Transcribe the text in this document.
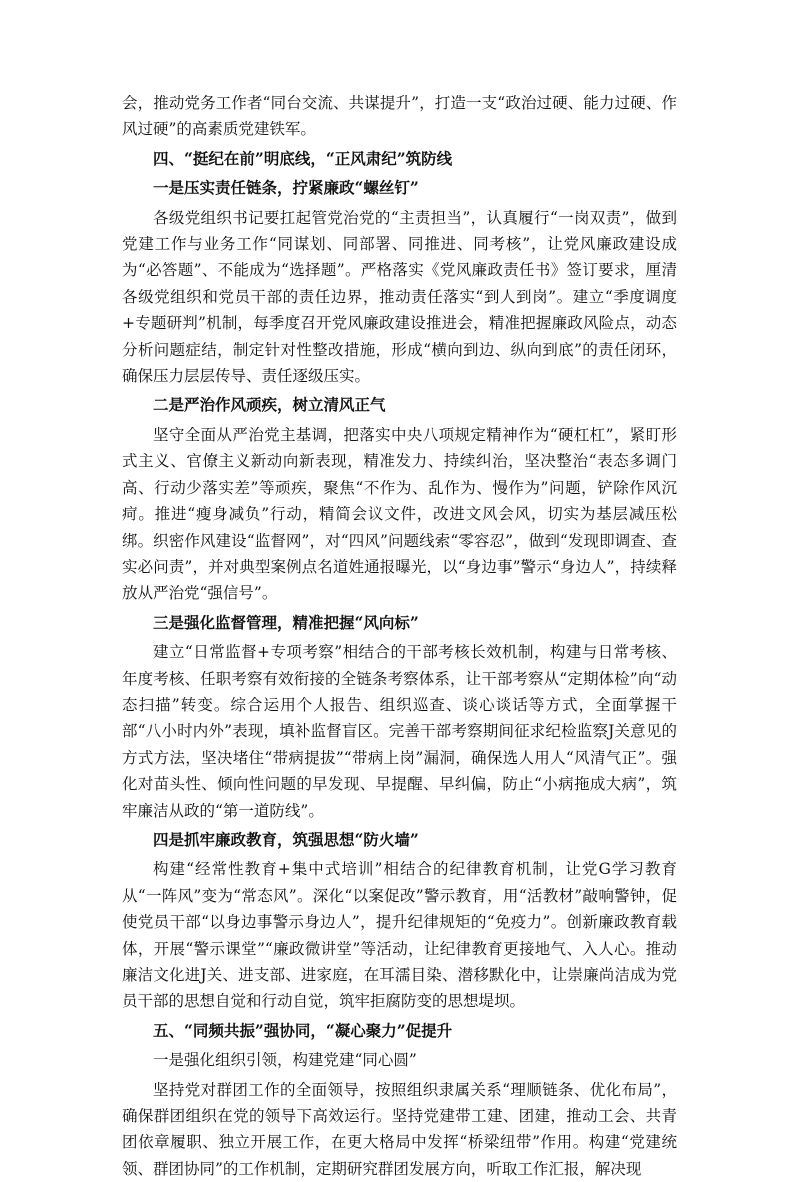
会，推动党务工作者“同台交流、共谋提升”，打造一支“政治过硬、能力过硬、作风过硬”的高素质党建铁军。

四、“挺纪在前”明底线，“正风肃纪”筑防线

一是压实责任链条，拧紧廉政“螺丝钉”

各级党组织书记要扛起管党治党的“主责担当”，认真履行“一岗双责”，做到党建工作与业务工作“同谋划、同部署、同推进、同考核”，让党风廉政建设成为“必答题”、不能成为“选择题”。严格落实《党风廉政责任书》签订要求，厘清各级党组织和党员干部的责任边界，推动责任落实“到人到岗”。建立“季度调度+专题研判”机制，每季度召开党风廉政建设推进会，精准把握廉政风险点，动态分析问题症结，制定针对性整改措施，形成“横向到边、纵向到底”的责任闭环，确保压力层层传导、责任逐级压实。

二是严治作风顽疾，树立清风正气

坚守全面从严治党主基调，把落实中央八项规定精神作为“硬杠杠”，紧盯形式主义、官僚主义新动向新表现，精准发力、持续纠治，坚决整治“表态多调门高、行动少落实差”等顽疾，聚焦“不作为、乱作为、慢作为”问题，铲除作风沉疴。推进“瘦身减负”行动，精简会议文件，改进文风会风，切实为基层减压松绑。织密作风建设“监督网”，对“四风”问题线索“零容忍”，做到“发现即调查、查实必问责”，并对典型案例点名道姓通报曝光，以“身边事”警示“身边人”，持续释放从严治党“强信号”。

三是强化监督管理，精准把握“风向标”

建立“日常监督+专项考察”相结合的干部考核长效机制，构建与日常考核、年度考核、任职考察有效衔接的全链条考察体系，让干部考察从“定期体检”向“动态扫描”转变。综合运用个人报告、组织巡查、谈心谈话等方式，全面掌握干部“八小时内外”表现，填补监督盲区。完善干部考察期间征求纪检监察J关意见的方式方法，坚决堵住“带病提拔”“带病上岗”漏洞，确保选人用人“风清气正”。强化对苗头性、倾向性问题的早发现、早提醒、早纠偏，防止“小病拖成大病”，筑牢廉洁从政的“第一道防线”。

四是抓牢廉政教育，筑强思想“防火墙”

构建“经常性教育+集中式培训”相结合的纪律教育机制，让党G学习教育从“一阵风”变为“常态风”。深化“以案促改”警示教育，用“活教材”敲响警钟，促使党员干部“以身边事警示身边人”，提升纪律规矩的“免疫力”。创新廉政教育载体，开展“警示课堂”“廉政微讲堂”等活动，让纪律教育更接地气、入人心。推动廉洁文化进J关、进支部、进家庭，在耳濡目染、潜移默化中，让崇廉尚洁成为党员干部的思想自觉和行动自觉，筑牢拒腐防变的思想堤坝。

五、“同频共振”强协同，“凝心聚力”促提升

一是强化组织引领，构建党建“同心圆”

坚持党对群团工作的全面领导，按照组织隶属关系“理顺链条、优化布局”，确保群团组织在党的领导下高效运行。坚持党建带工建、团建，推动工会、共青团依章履职、独立开展工作，在更大格局中发挥“桥梁纽带”作用。构建“党建统领、群团协同”的工作机制，定期研究群团发展方向，听取工作汇报，解决现
